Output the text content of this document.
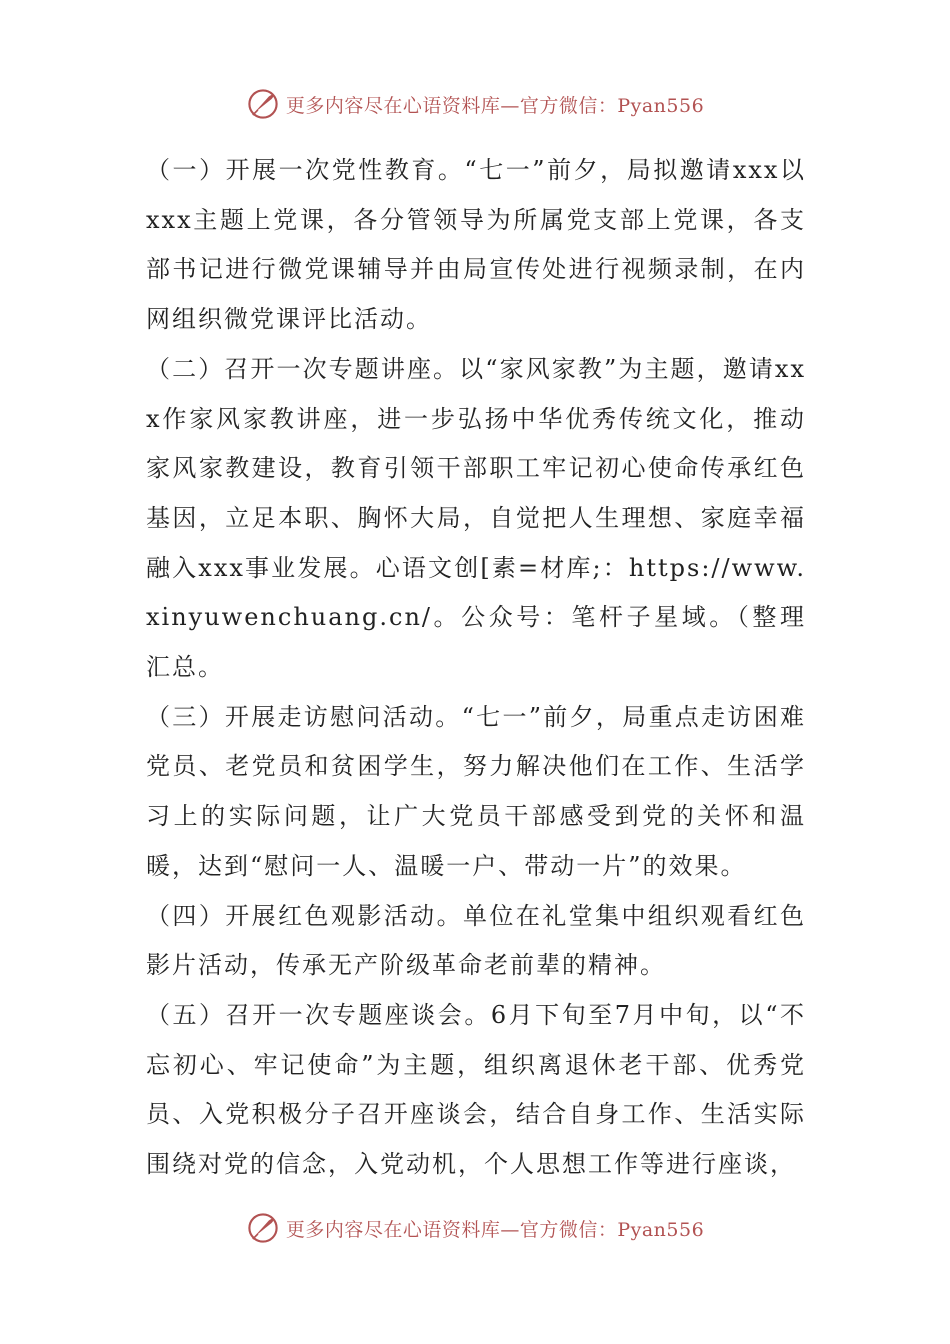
更多内容尽在心语资料库—官方微信：Pyan556

（一）开展一次党性教育。“七一”前夕，局拟邀请xxx以xxx主题上党课，各分管领导为所属党支部上党课，各支部书记进行微党课辅导并由局宣传处进行视频录制，在内网组织微党课评比活动。

（二）召开一次专题讲座。以“家风家教”为主题，邀请xxx作家风家教讲座，进一步弘扬中华优秀传统文化，推动家风家教建设，教育引领干部职工牢记初心使命传承红色基因，立足本职、胸怀大局，自觉把人生理想、家庭幸福融入xxx事业发展。心语文创[素=材库;：https://www.xinyuwenchuang.cn/。公众号：笔杆子星域。（整理汇总。

（三）开展走访慰问活动。“七一”前夕，局重点走访困难党员、老党员和贫困学生，努力解决他们在工作、生活学习上的实际问题，让广大党员干部感受到党的关怀和温暖，达到“慰问一人、温暖一户、带动一片”的效果。

（四）开展红色观影活动。单位在礼堂集中组织观看红色影片活动，传承无产阶级革命老前辈的精神。

（五）召开一次专题座谈会。6月下旬至7月中旬，以“不忘初心、牢记使命”为主题，组织离退休老干部、优秀党员、入党积极分子召开座谈会，结合自身工作、生活实际围绕对党的信念，入党动机，个人思想工作等进行座谈，

更多内容尽在心语资料库—官方微信：Pyan556
